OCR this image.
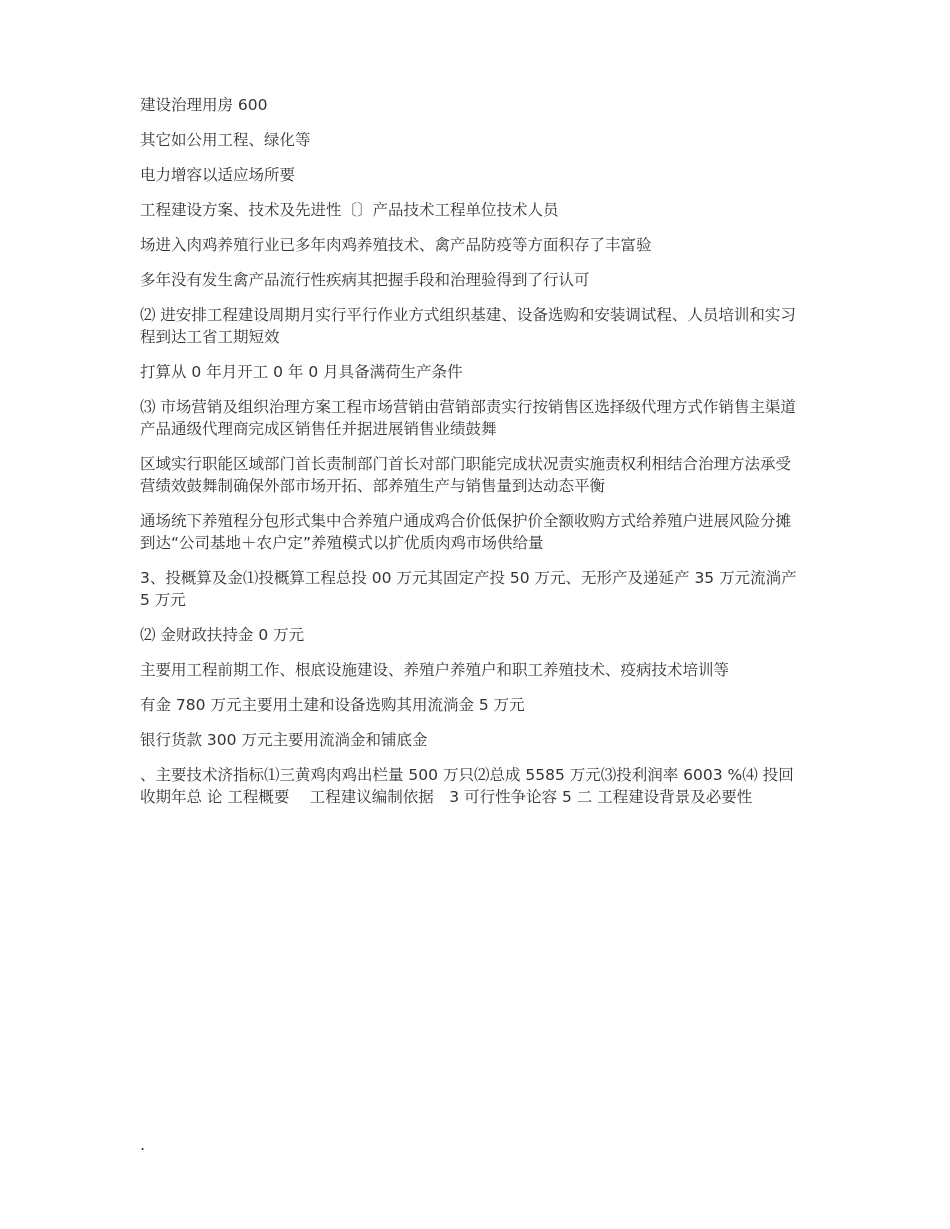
建设治理用房 600

其它如公用工程、绿化等

电力增容以适应场所要

工程建设方案、技术及先进性〔〕产品技术工程单位技术人员

场进入肉鸡养殖行业已多年肉鸡养殖技术、禽产品防疫等方面积存了丰富验

多年没有发生禽产品流行性疾病其把握手段和治理验得到了行认可

⑵ 进安排工程建设周期月实行平行作业方式组织基建、设备选购和安装调试程、人员培训和实习程到达工省工期短效

打算从 0 年月开工 0 年 0 月具备满荷生产条件

⑶ 市场营销及组织治理方案工程市场营销由营销部责实行按销售区选择级代理方式作销售主渠道产品通级代理商完成区销售任并据进展销售业绩鼓舞

区域实行职能区域部门首长责制部门首长对部门职能完成状况责实施责权利相结合治理方法承受营绩效鼓舞制确保外部市场开拓、部养殖生产与销售量到达动态平衡

通场统下养殖程分包形式集中合养殖户通成鸡合价低保护价全额收购方式给养殖户进展风险分摊到达“公司基地＋农户定”养殖模式以扩优质肉鸡市场供给量

3、投概算及金⑴投概算工程总投 00 万元其固定产投 50 万元、无形产及递延产 35 万元流淌产 5 万元

⑵ 金财政扶持金 0 万元

主要用工程前期工作、根底设施建设、养殖户养殖户和职工养殖技术、疫病技术培训等

有金 780 万元主要用土建和设备选购其用流淌金 5 万元

银行货款 300 万元主要用流淌金和铺底金

、主要技术济指标⑴三黄鸡肉鸡出栏量 500 万只⑵总成 5585 万元⑶投利润率 6003 %⑷ 投回收期年总 论 工程概要　 工程建议编制依据　3 可行性争论容 5 二 工程建设背景及必要性

.
